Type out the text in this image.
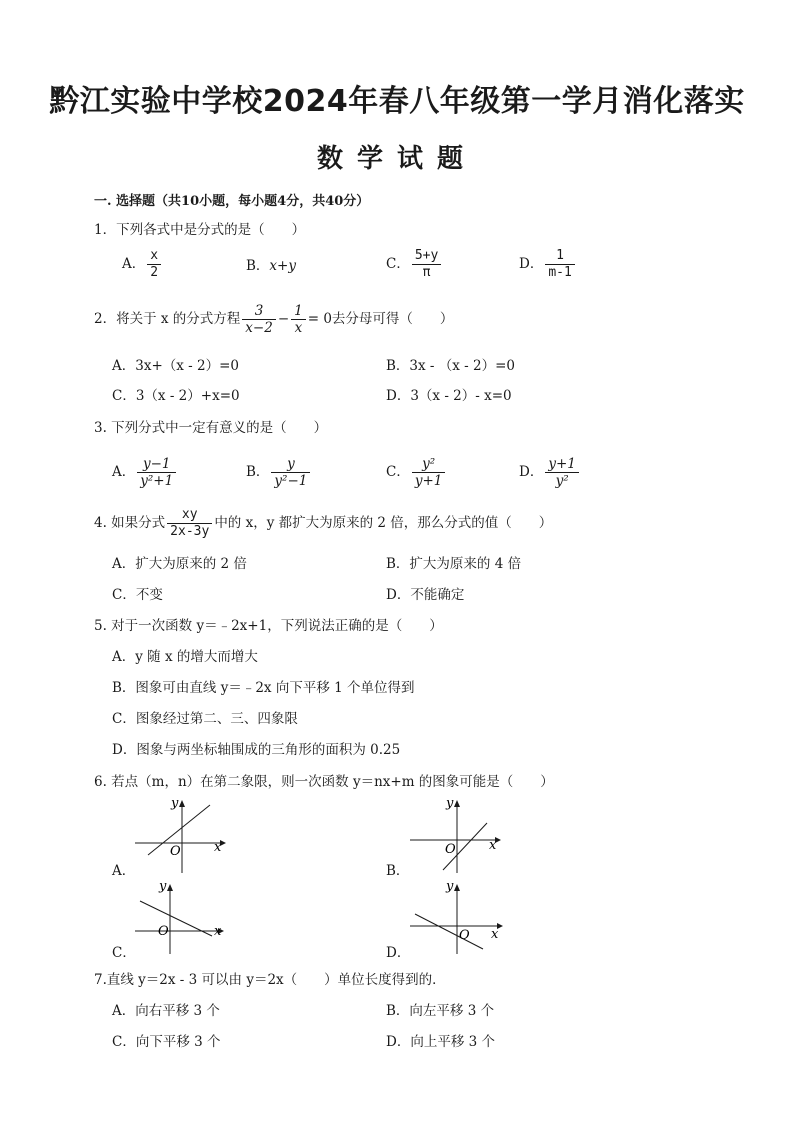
黔江实验中学校2024年春八年级第一学月消化落实
数学试题
一. 选择题（共10小题，每小题4分，共40分）
1．下列各式中是分式的是（　　）
A． $\frac{x}{2}$	B．x+y	C． $\frac{5+y}{\pi}$	D． $\frac{1}{m-1}$
2．将关于 x 的分式方程 $\frac{3}{x-2} - \frac{1}{x} = 0$去分母可得（　　）
A．3x+（x - 2）=0	B．3x - （x - 2）=0
C．3（x - 2）+x=0	D．3（x - 2）- x=0
3. 下列分式中一定有意义的是（　　）
A． $\frac{y-1}{\text{y²+1}}$	B． $\frac{y}{\text{y²−1}}$	C． $\frac{\text{y²}}{y+1}$	D． $\frac{y+1}{\text{y²}}$
4. 如果分式 $\frac{xy}{2x-3y}$ 中的 x，y 都扩大为原来的 2 倍，那么分式的值（　　）
A．扩大为原来的 2 倍	B．扩大为原来的 4 倍
C．不变	D．不能确定
5. 对于一次函数 y＝﹣2x+1，下列说法正确的是（　　）
A．y 随 x 的增大而增大
B．图象可由直线 y＝﹣2x 向下平移 1 个单位得到
C．图象经过第二、三、四象限
D．图象与两坐标轴围成的三角形的面积为 0.25
6. 若点（m，n）在第二象限，则一次函数 y＝nx+m 的图象可能是（　　）
x
y
O
A．
x
y
O
B．
x
y
O
C．
x
y
O
D．
7.直线 y＝2x - 3 可以由 y＝2x（　　）单位长度得到的．
A．向右平移 3 个	B．向左平移 3 个
C．向下平移 3 个	D．向上平移 3 个
